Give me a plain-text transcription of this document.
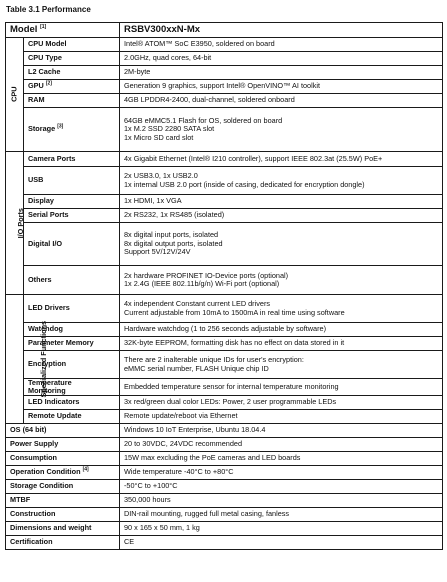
Table 3.1 Performance
Model [1]		RSBV300xxN-Mx
CPU	CPU Model	Intel® ATOM™ SoC E3950, soldered on board

	CPU Type	2.0GHz, quad cores, 64-bit

	L2 Cache	2M-byte

	GPU [2]	Generation 9 graphics, support Intel® OpenVINO™ AI toolkit

	RAM	4GB LPDDR4-2400, dual-channel, soldered onboard

	Storage [3]	64GB eMMC5.1 Flash for OS, soldered on board
1x M.2 SSD 2280 SATA slot
1x Micro SD card slot

I/O Ports	Camera Ports	4x Gigabit Ethernet (Intel® I210 controller), support IEEE 802.3at (25.5W) PoE+

	USB	2x USB3.0, 1x USB2.0
1x internal USB 2.0 port (inside of casing, dedicated for encryption dongle)

	Display	1x HDMI, 1x VGA

	Serial Ports	2x RS232, 1x RS485 (isolated)

	Digital I/O	8x digital input ports, isolated
8x digital output ports, isolated
Support 5V/12V/24V

	Others	2x hardware PROFINET IO-Device ports (optional)
1x 2.4G (IEEE 802.11b/g/n) Wi-Fi port (optional)

Specialized Functions	LED Drivers	4x independent Constant current LED drivers
Current adjustable from 10mA to 1500mA in real time using software

	Watchdog	Hardware watchdog (1 to 256 seconds adjustable by software)

	Parameter Memory	32K-byte EEPROM, formatting disk has no effect on data stored in it

	Encryption	There are 2 inalterable unique IDs for user's encryption:
eMMC serial number, FLASH Unique chip ID

	Temperature Monitoring	Embedded temperature sensor for internal temperature monitoring

	LED Indicators	3x red/green dual color LEDs: Power, 2 user programmable LEDs

	Remote Update	Remote update/reboot via Ethernet

OS (64 bit)		Windows 10 IoT Enterprise, Ubuntu 18.04.4

Power Supply		20 to 30VDC, 24VDC recommended

Consumption		15W max excluding the PoE cameras and LED boards

Operation Condition [4]		Wide temperature -40°C to +80°C

Storage Condition		-50°C to +100°C

MTBF		350,000 hours

Construction		DIN-rail mounting, rugged full metal casing, fanless

Dimensions and weight		90 x 165 x 50 mm, 1 kg

Certification		CE
